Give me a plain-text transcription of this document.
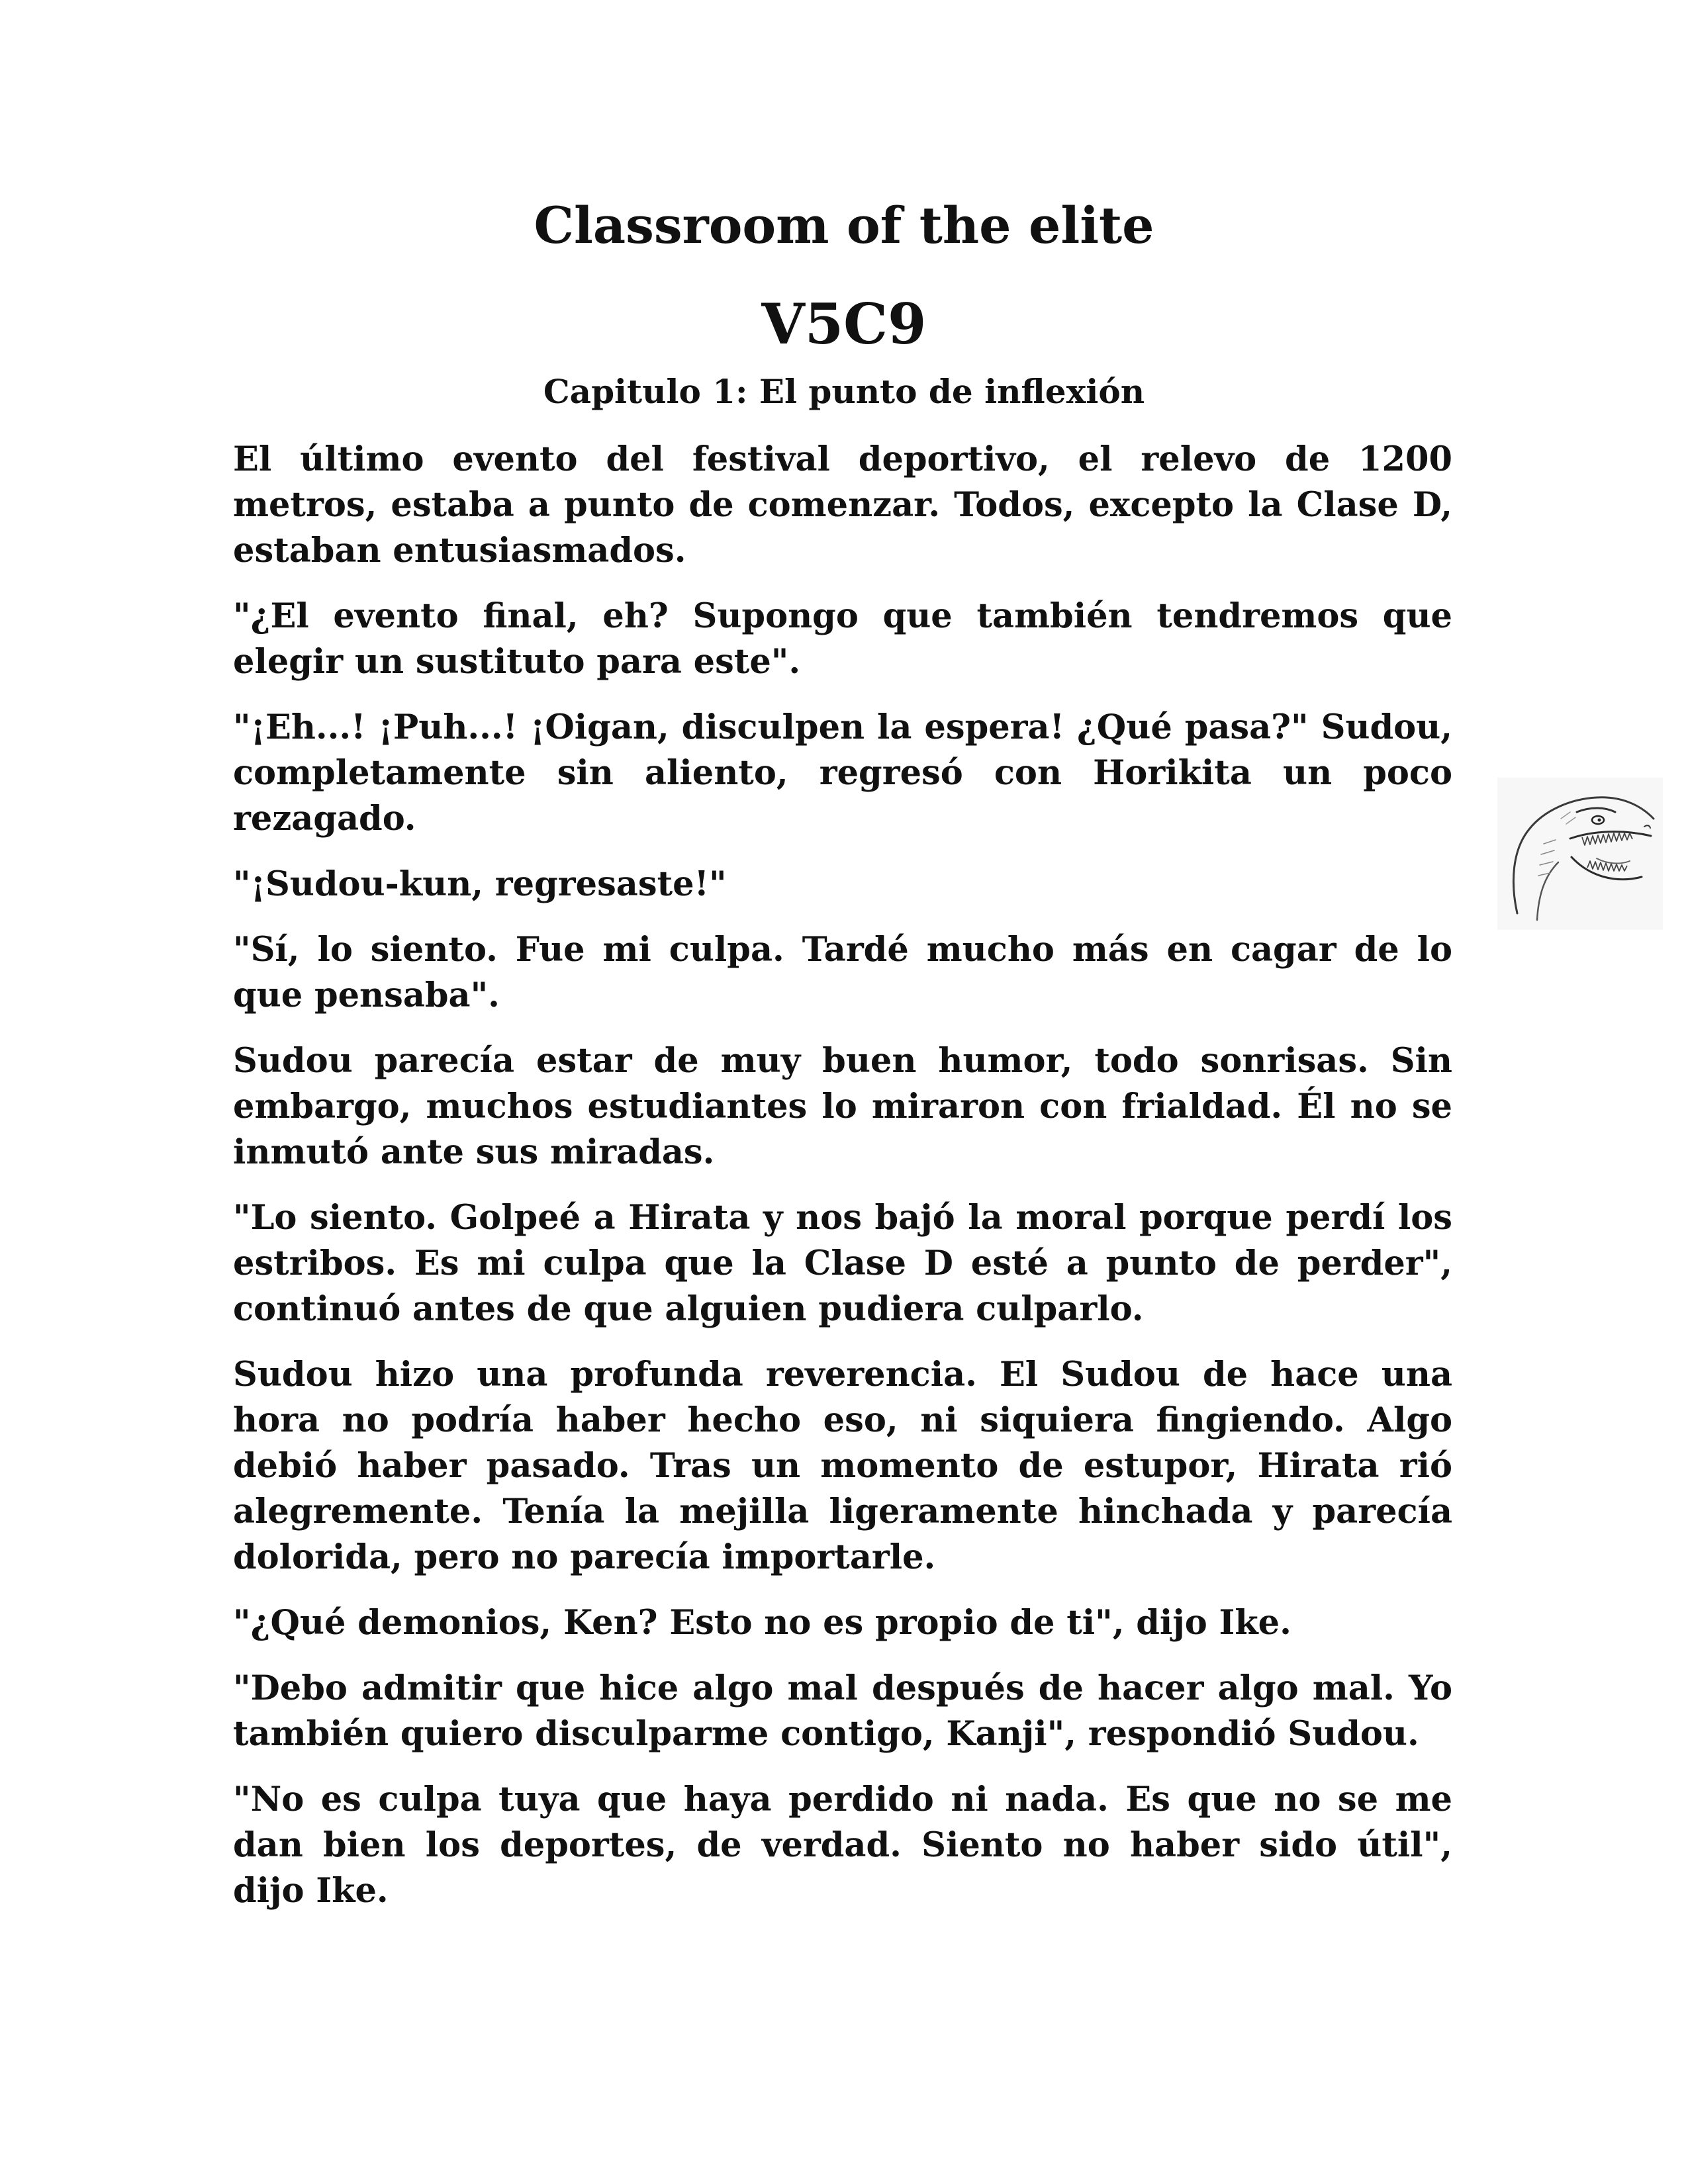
Classroom of the elite
V5C9
Capitulo 1: El punto de inflexión

El último evento del festival deportivo, el relevo de 1200 metros, estaba a punto de comenzar. Todos, excepto la Clase D, estaban entusiasmados.

"¿El evento final, eh? Supongo que también tendremos que elegir un sustituto para este".

"¡Eh...! ¡Puh...! ¡Oigan, disculpen la espera! ¿Qué pasa?" Sudou, completamente sin aliento, regresó con Horikita un poco rezagado.

"¡Sudou-kun, regresaste!"

"Sí, lo siento. Fue mi culpa. Tardé mucho más en cagar de lo que pensaba".

Sudou parecía estar de muy buen humor, todo sonrisas. Sin embargo, muchos estudiantes lo miraron con frialdad. Él no se inmutó ante sus miradas.

"Lo siento. Golpeé a Hirata y nos bajó la moral porque perdí los estribos. Es mi culpa que la Clase D esté a punto de perder", continuó antes de que alguien pudiera culparlo.

Sudou hizo una profunda reverencia. El Sudou de hace una hora no podría haber hecho eso, ni siquiera fingiendo. Algo debió haber pasado. Tras un momento de estupor, Hirata rió alegremente. Tenía la mejilla ligeramente hinchada y parecía dolorida, pero no parecía importarle.

"¿Qué demonios, Ken? Esto no es propio de ti", dijo Ike.

"Debo admitir que hice algo mal después de hacer algo mal. Yo también quiero disculparme contigo, Kanji", respondió Sudou.

"No es culpa tuya que haya perdido ni nada. Es que no se me dan bien los deportes, de verdad. Siento no haber sido útil", dijo Ike.
